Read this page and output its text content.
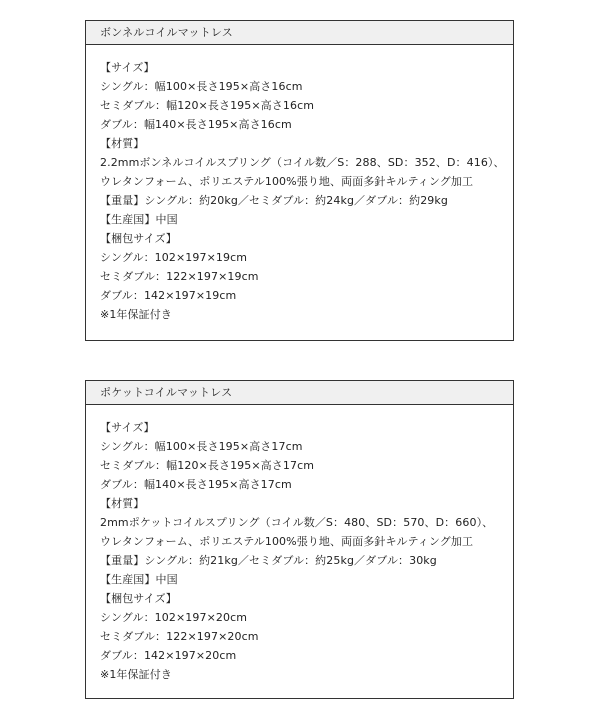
ボンネルコイルマットレス
【サイズ】
シングル：幅100×長さ195×高さ16cm
セミダブル：幅120×長さ195×高さ16cm
ダブル：幅140×長さ195×高さ16cm
【材質】
2.2mmボンネルコイルスプリング（コイル数／S：288、SD：352、D：416）、
ウレタンフォーム、ポリエステル100%張り地、両面多針キルティング加工
【重量】シングル：約20kg／セミダブル：約24kg／ダブル：約29kg
【生産国】中国
【梱包サイズ】
シングル：102×197×19cm
セミダブル：122×197×19cm
ダブル：142×197×19cm
※1年保証付き
ポケットコイルマットレス
【サイズ】
シングル：幅100×長さ195×高さ17cm
セミダブル：幅120×長さ195×高さ17cm
ダブル：幅140×長さ195×高さ17cm
【材質】
2mmポケットコイルスプリング（コイル数／S：480、SD：570、D：660）、
ウレタンフォーム、ポリエステル100%張り地、両面多針キルティング加工
【重量】シングル：約21kg／セミダブル：約25kg／ダブル：30kg
【生産国】中国
【梱包サイズ】
シングル：102×197×20cm
セミダブル：122×197×20cm
ダブル：142×197×20cm
※1年保証付き
